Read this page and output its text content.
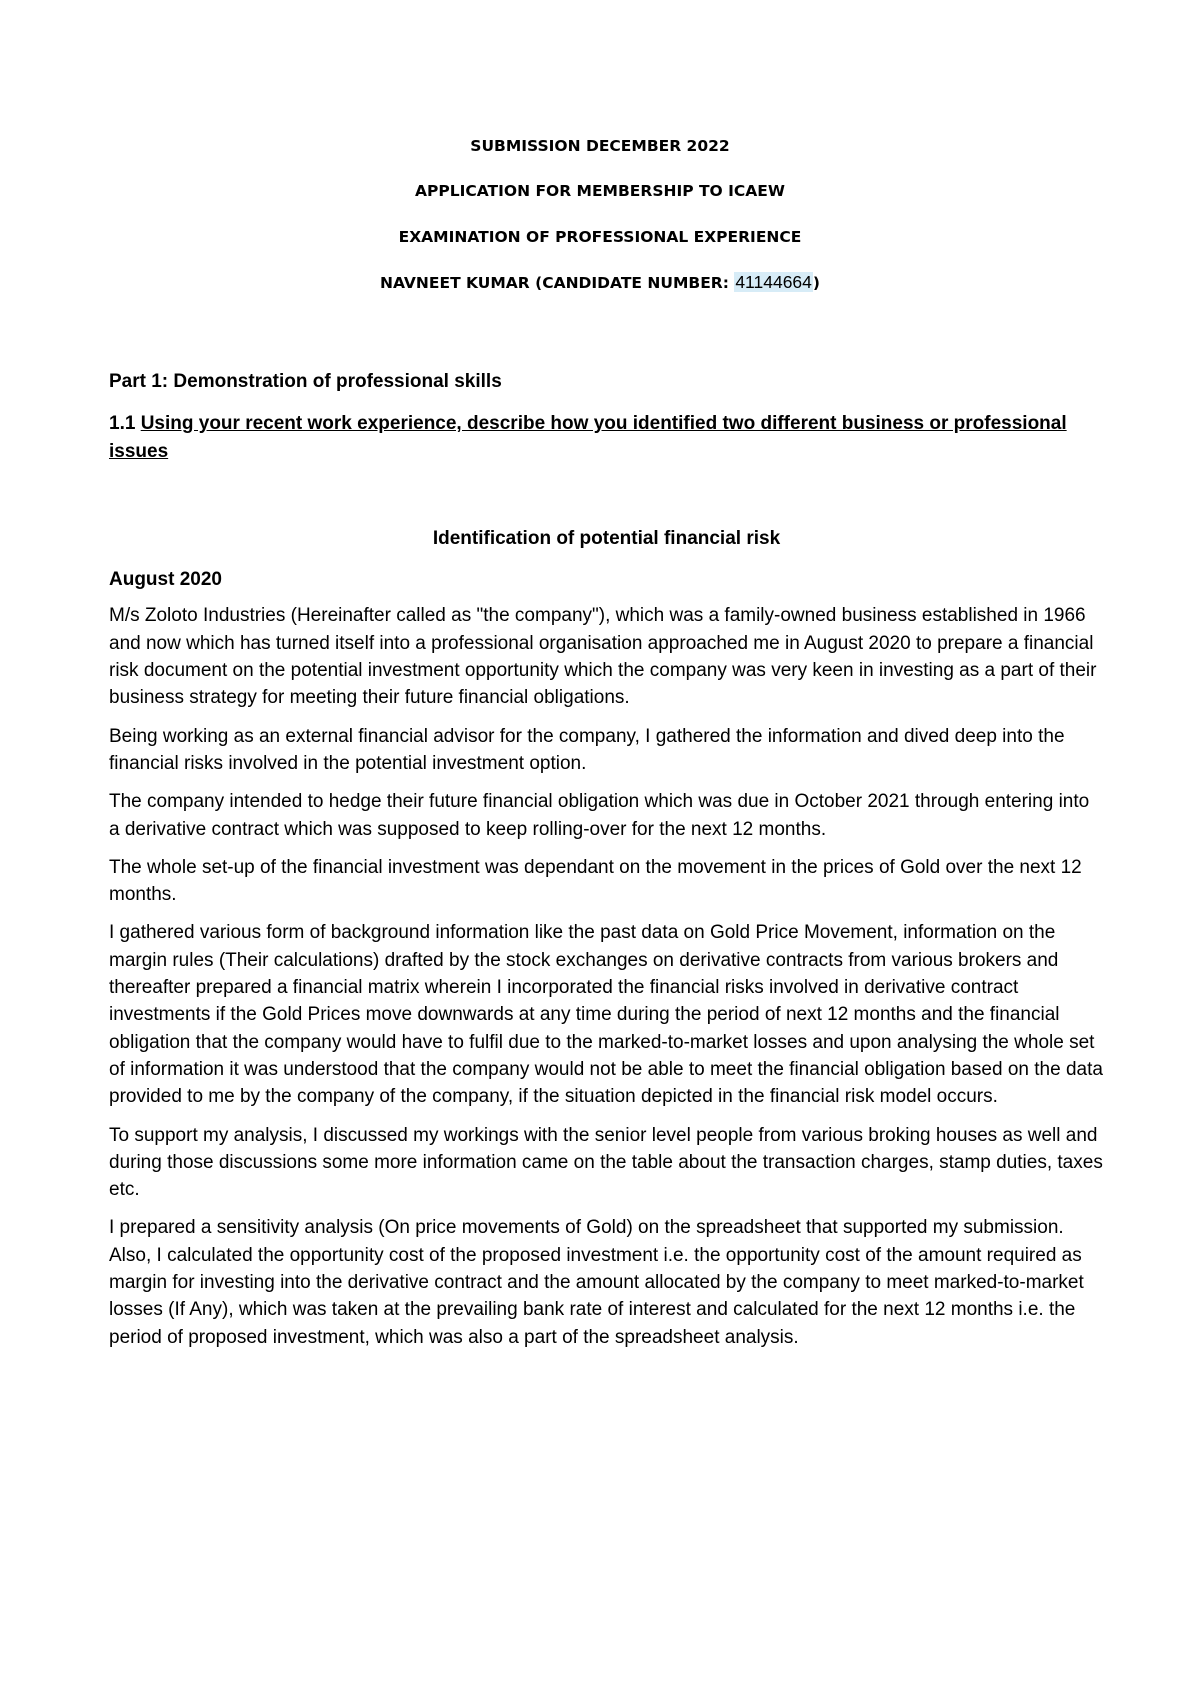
SUBMISSION DECEMBER 2022
APPLICATION FOR MEMBERSHIP TO ICAEW
EXAMINATION OF PROFESSIONAL EXPERIENCE
NAVNEET KUMAR (CANDIDATE NUMBER: 41144664)
Part 1: Demonstration of professional skills
1.1 Using your recent work experience, describe how you identified two different business or professional issues
Identification of potential financial risk
August 2020

M/s Zoloto Industries (Hereinafter called as "the company"), which was a family-owned business established in 1966 and now which has turned itself into a professional organisation approached me in August 2020 to prepare a financial risk document on the potential investment opportunity which the company was very keen in investing as a part of their business strategy for meeting their future financial obligations.

Being working as an external financial advisor for the company, I gathered the information and dived deep into the financial risks involved in the potential investment option.

The company intended to hedge their future financial obligation which was due in October 2021 through entering into a derivative contract which was supposed to keep rolling-over for the next 12 months.

The whole set-up of the financial investment was dependant on the movement in the prices of Gold over the next 12 months.

I gathered various form of background information like the past data on Gold Price Movement, information on the margin rules (Their calculations) drafted by the stock exchanges on derivative contracts from various brokers and thereafter prepared a financial matrix wherein I incorporated the financial risks involved in derivative contract investments if the Gold Prices move downwards at any time during the period of next 12 months and the financial obligation that the company would have to fulfil due to the marked-to-market losses and upon analysing the whole set of information it was understood that the company would not be able to meet the financial obligation based on the data provided to me by the company of the company, if the situation depicted in the financial risk model occurs.

To support my analysis, I discussed my workings with the senior level people from various broking houses as well and during those discussions some more information came on the table about the transaction charges, stamp duties, taxes etc.

I prepared a sensitivity analysis (On price movements of Gold) on the spreadsheet that supported my submission. Also, I calculated the opportunity cost of the proposed investment i.e. the opportunity cost of the amount required as margin for investing into the derivative contract and the amount allocated by the company to meet marked-to-market losses (If Any), which was taken at the prevailing bank rate of interest and calculated for the next 12 months i.e. the period of proposed investment, which was also a part of the spreadsheet analysis.
